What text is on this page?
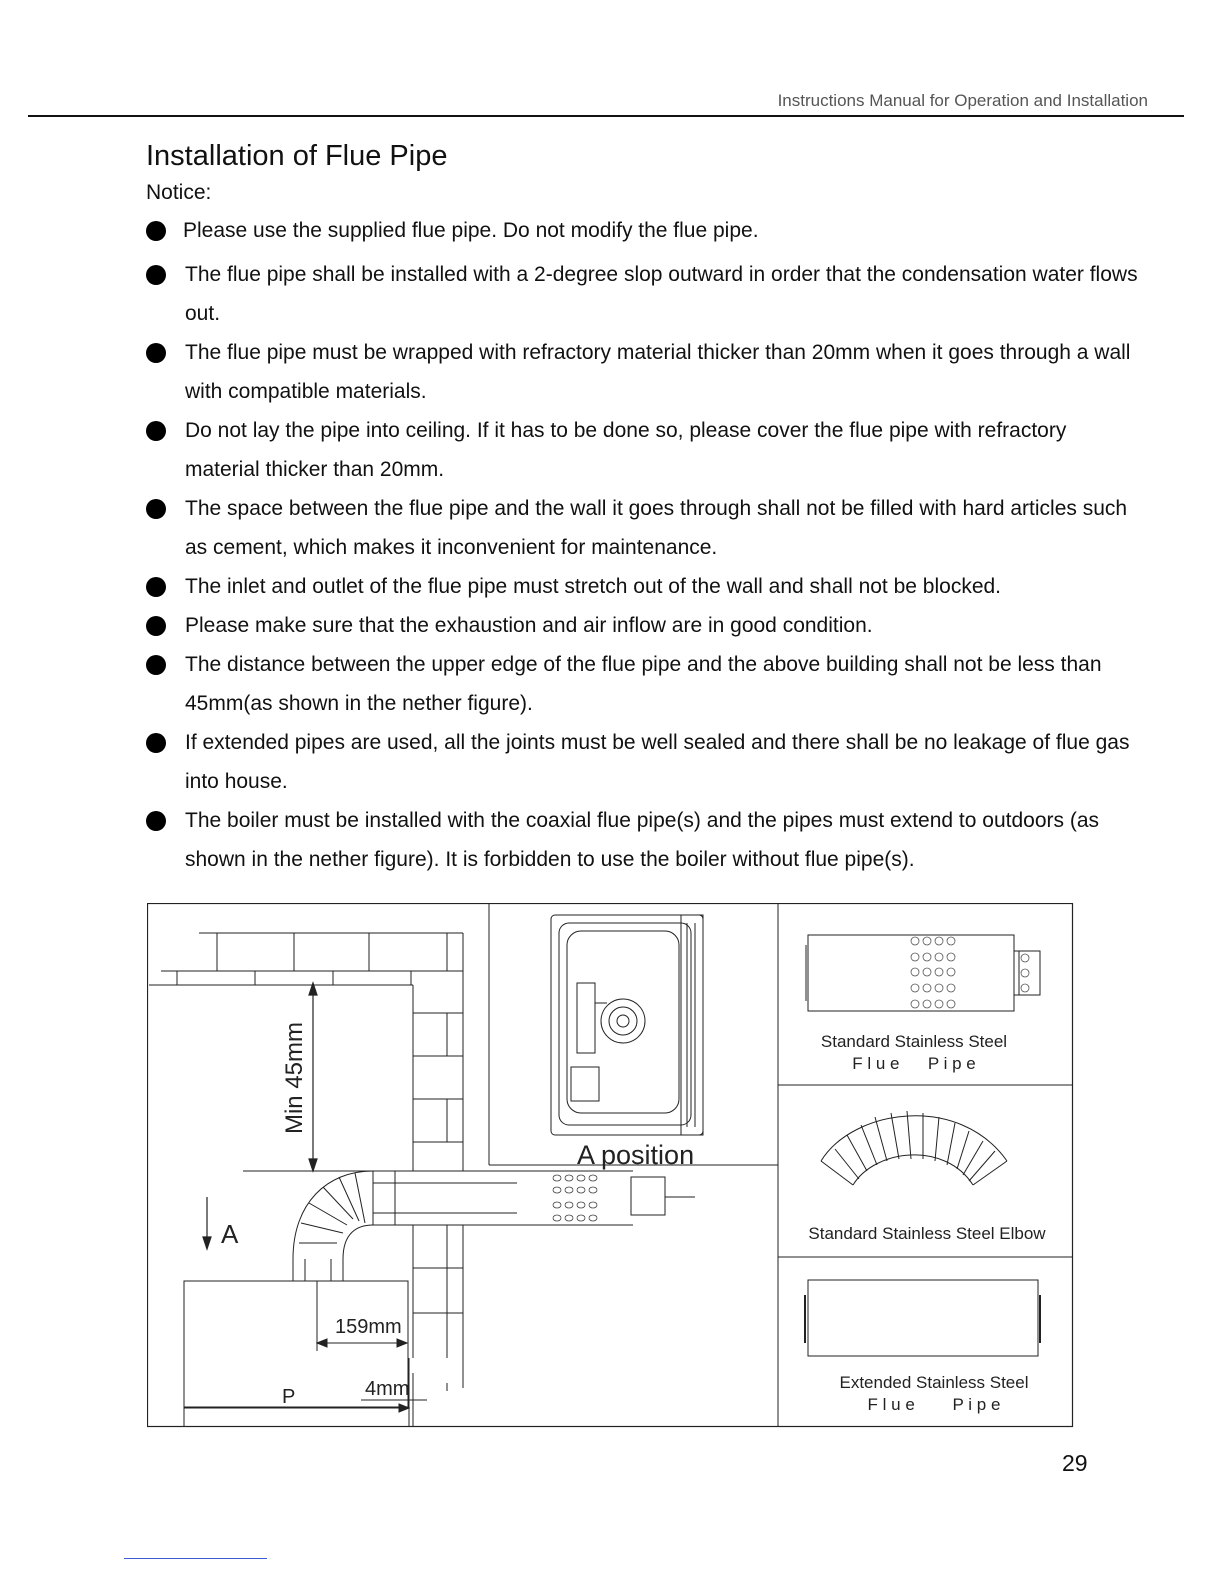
Instructions Manual for Operation and Installation
Installation of Flue Pipe
Notice:
Please use the supplied flue pipe. Do not modify the flue pipe.
The flue pipe shall be installed with a 2-degree slop outward in order that the condensation water flows out.
The flue pipe must be wrapped with refractory material thicker than 20mm when it goes through a wall with compatible materials.
Do not lay the pipe into ceiling. If it has to be done so, please cover the flue pipe with refractory material thicker than 20mm.
The space between the flue pipe and the wall it goes through shall not be filled with hard articles such as cement, which makes it inconvenient for maintenance.
The inlet and outlet of the flue pipe must stretch out of the wall and shall not be blocked.
Please make sure that the exhaustion and air inflow are in good condition.
The distance between the upper edge of the flue pipe and the above building shall not be less than 45mm(as shown in the nether figure).
If extended pipes are used, all the joints must be well sealed and there shall be no leakage of flue gas into house.
The boiler must be installed with the coaxial flue pipe(s) and the pipes must extend to outdoors (as shown in the nether figure). It is forbidden to use the boiler without flue pipe(s).
Min 45mm
A
159mm
4mm
P
A position
Standard Stainless Steel
F l u e      P i p e
Standard Stainless Steel Elbow
Extended Stainless Steel
F l u e        P i p e
29
